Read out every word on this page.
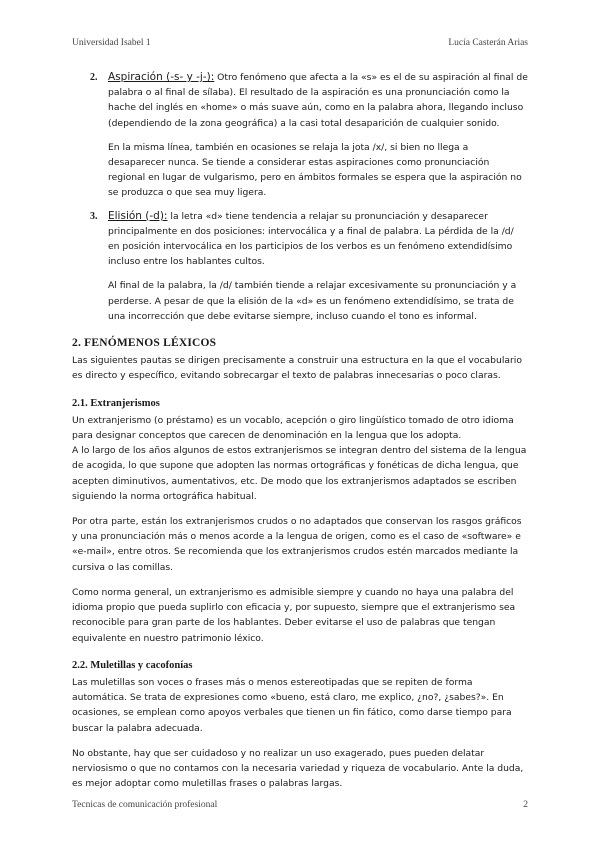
Universidad Isabel 1	Lucía Casterán Arias
2.	Aspiración (-s- y -j-): Otro fenómeno que afecta a la «s» es el de su aspiración al final de palabra o al final de sílaba). El resultado de la aspiración es una pronunciación como la hache del inglés en «home» o más suave aún, como en la palabra ahora, llegando incluso (dependiendo de la zona geográfica) a la casi total desaparición de cualquier sonido.

En la misma línea, también en ocasiones se relaja la jota /x/, si bien no llega a desaparecer nunca. Se tiende a considerar estas aspiraciones como pronunciación regional en lugar de vulgarismo, pero en ámbitos formales se espera que la aspiración no se produzca o que sea muy ligera.

3.	Elisión (-d): la letra «d» tiene tendencia a relajar su pronunciación y desaparecer principalmente en dos posiciones: intervocálica y a final de palabra. La pérdida de la /d/ en posición intervocálica en los participios de los verbos es un fenómeno extendidísimo incluso entre los hablantes cultos.

Al final de la palabra, la /d/ también tiende a relajar excesivamente su pronunciación y a perderse. A pesar de que la elisión de la «d» es un fenómeno extendidísimo, se trata de una incorrección que debe evitarse siempre, incluso cuando el tono es informal.

2. FENÓMENOS LÉXICOS

Las siguientes pautas se dirigen precisamente a construir una estructura en la que el vocabulario es directo y específico, evitando sobrecargar el texto de palabras innecesarias o poco claras.

2.1. Extranjerismos

Un extranjerismo (o préstamo) es un vocablo, acepción o giro lingüístico tomado de otro idioma para designar conceptos que carecen de denominación en la lengua que los adopta.

A lo largo de los años algunos de estos extranjerismos se integran dentro del sistema de la lengua de acogida, lo que supone que adopten las normas ortográficas y fonéticas de dicha lengua, que acepten diminutivos, aumentativos, etc. De modo que los extranjerismos adaptados se escriben siguiendo la norma ortográfica habitual.

Por otra parte, están los extranjerismos crudos o no adaptados que conservan los rasgos gráficos y una pronunciación más o menos acorde a la lengua de origen, como es el caso de «software» e «e-mail», entre otros. Se recomienda que los extranjerismos crudos estén marcados mediante la cursiva o las comillas.

Como norma general, un extranjerismo es admisible siempre y cuando no haya una palabra del idioma propio que pueda suplirlo con eficacia y, por supuesto, siempre que el extranjerismo sea reconocible para gran parte de los hablantes. Deber evitarse el uso de palabras que tengan equivalente en nuestro patrimonio léxico.

2.2. Muletillas y cacofonías

Las muletillas son voces o frases más o menos estereotipadas que se repiten de forma automática. Se trata de expresiones como «bueno, está claro, me explico, ¿no?, ¿sabes?». En ocasiones, se emplean como apoyos verbales que tienen un fin fático, como darse tiempo para buscar la palabra adecuada.

No obstante, hay que ser cuidadoso y no realizar un uso exagerado, pues pueden delatar nerviosismo o que no contamos con la necesaria variedad y riqueza de vocabulario. Ante la duda, es mejor adoptar como muletillas frases o palabras largas.

Tecnicas de comunicación profesional	2
